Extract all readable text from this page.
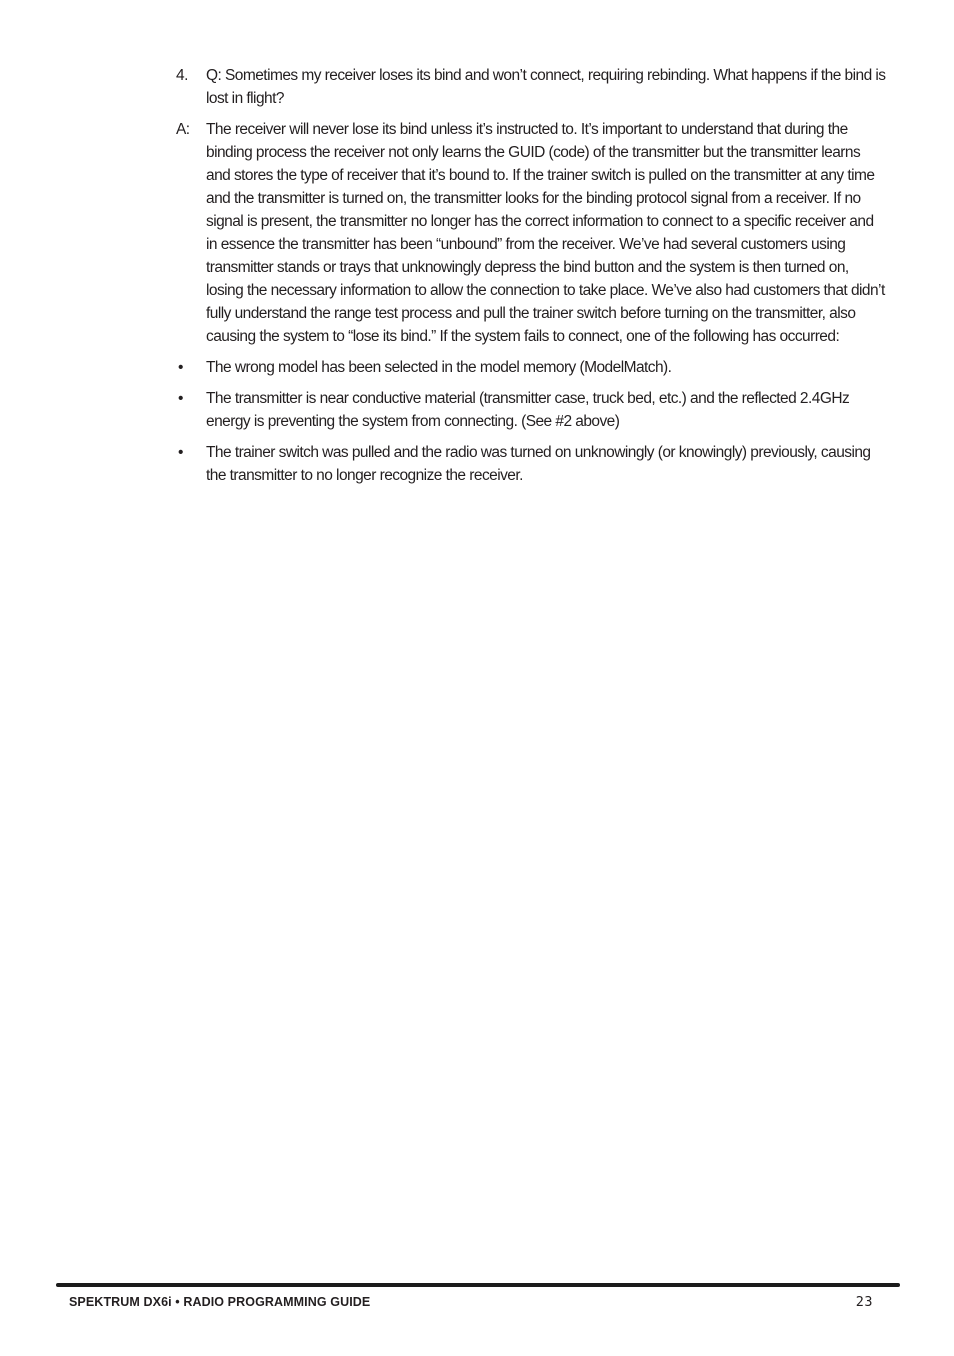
4.	Q: Sometimes my receiver loses its bind and won’t connect, requiring rebinding. What happens if the bind is lost in flight?
A:	The receiver will never lose its bind unless it’s instructed to. It’s important to understand that during the binding process the receiver not only learns the GUID (code) of the transmitter but the transmitter learns and stores the type of receiver that it’s bound to. If the trainer switch is pulled on the transmitter at any time and the transmitter is turned on, the transmitter looks for the binding protocol signal from a receiver. If no signal is present, the transmitter no longer has the correct information to connect to a specific receiver and in essence the transmitter has been “unbound” from the receiver. We’ve had several customers using transmitter stands or trays that unknowingly depress the bind button and the system is then turned on, losing the necessary information to allow the connection to take place. We’ve also had customers that didn’t fully understand the range test process and pull the trainer switch before turning on the transmitter, also causing the system to “lose its bind.” If the system fails to connect, one of the following has occurred:
•	The wrong model has been selected in the model memory (ModelMatch).
•	The transmitter is near conductive material (transmitter case, truck bed, etc.) and the reflected 2.4GHz energy is preventing the system from connecting. (See #2 above)
•	The trainer switch was pulled and the radio was turned on unknowingly (or knowingly) previously, causing the transmitter to no longer recognize the receiver.
SPEKTRUM DX6i • RADIO PROGRAMMING GUIDE	23
